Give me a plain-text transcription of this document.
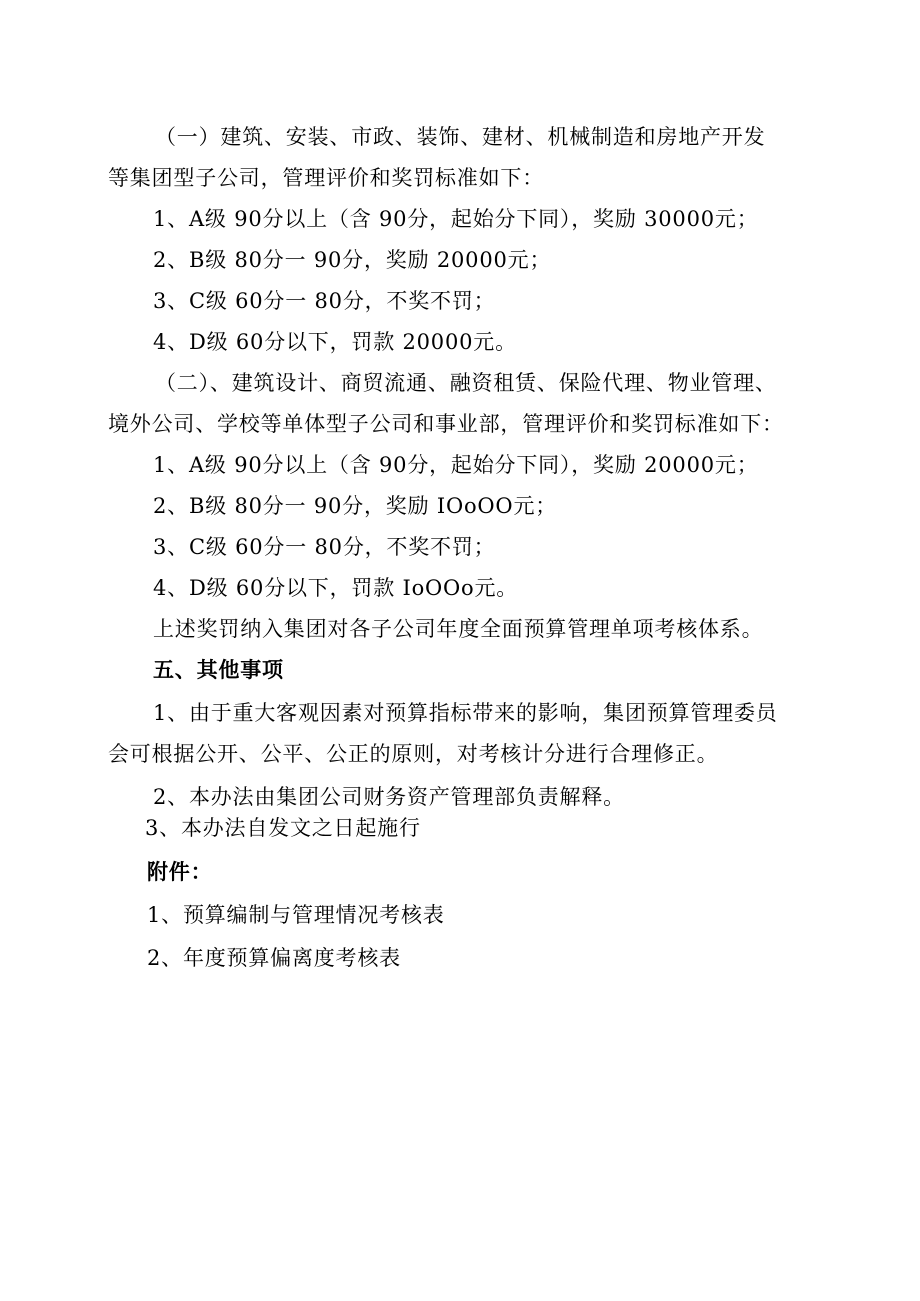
（一）建筑、安装、市政、装饰、建材、机械制造和房地产开发
等集团型子公司，管理评价和奖罚标准如下：
1、A级 90分以上（含 90分，起始分下同），奖励 30000元；
2、B级 80分一 90分，奖励 20000元；
3、C级 60分一 80分，不奖不罚；
4、D级 60分以下，罚款 20000元。
（二）、建筑设计、商贸流通、融资租赁、保险代理、物业管理、
境外公司、学校等单体型子公司和事业部，管理评价和奖罚标准如下：
1、A级 90分以上（含 90分，起始分下同），奖励 20000元；
2、B级 80分一 90分，奖励 IOoOO元；
3、C级 60分一 80分，不奖不罚；
4、D级 60分以下，罚款 IoOOo元。
上述奖罚纳入集团对各子公司年度全面预算管理单项考核体系。
五、其他事项
1、由于重大客观因素对预算指标带来的影响，集团预算管理委员
会可根据公开、公平、公正的原则，对考核计分进行合理修正。
2、本办法由集团公司财务资产管理部负责解释。
3、本办法自发文之日起施行
附件：
1、预算编制与管理情况考核表
2、年度预算偏离度考核表
